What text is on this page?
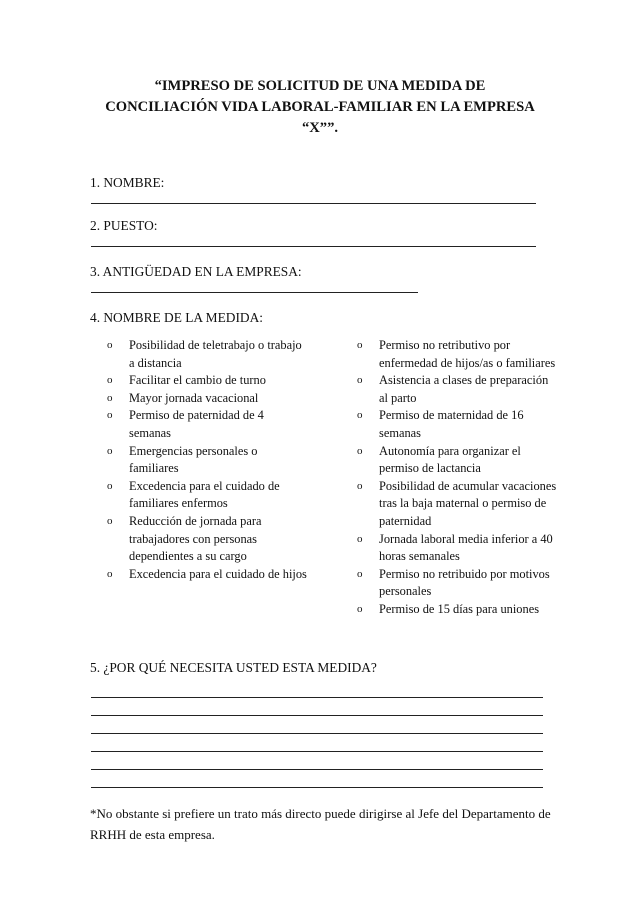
“IMPRESO DE SOLICITUD DE UNA MEDIDA DE
CONCILIACIÓN VIDA LABORAL-FAMILIAR EN LA EMPRESA
“X””.
1. NOMBRE:
2. PUESTO:
3. ANTIGÜEDAD EN LA EMPRESA:
4. NOMBRE DE LA MEDIDA:
o Posibilidad de teletrabajo o trabajo a distancia
o Facilitar el cambio de turno
o Mayor jornada vacacional
o Permiso de paternidad de 4 semanas
o Emergencias personales o familiares
o Excedencia para el cuidado de familiares enfermos
o Reducción de jornada para trabajadores con personas dependientes a su cargo
o Excedencia para el cuidado de hijos
o Permiso no retributivo por enfermedad de hijos/as o familiares
o Asistencia a clases de preparación al parto
o Permiso de maternidad de 16 semanas
o Autonomía para organizar el permiso de lactancia
o Posibilidad de acumular vacaciones tras la baja maternal o permiso de paternidad
o Jornada laboral media inferior a 40 horas semanales
o Permiso no retribuido por motivos personales
o Permiso de 15 días para uniones
5. ¿POR QUÉ NECESITA USTED ESTA MEDIDA?
*No obstante si prefiere un trato más directo puede dirigirse al Jefe del Departamento de RRHH de esta empresa.
